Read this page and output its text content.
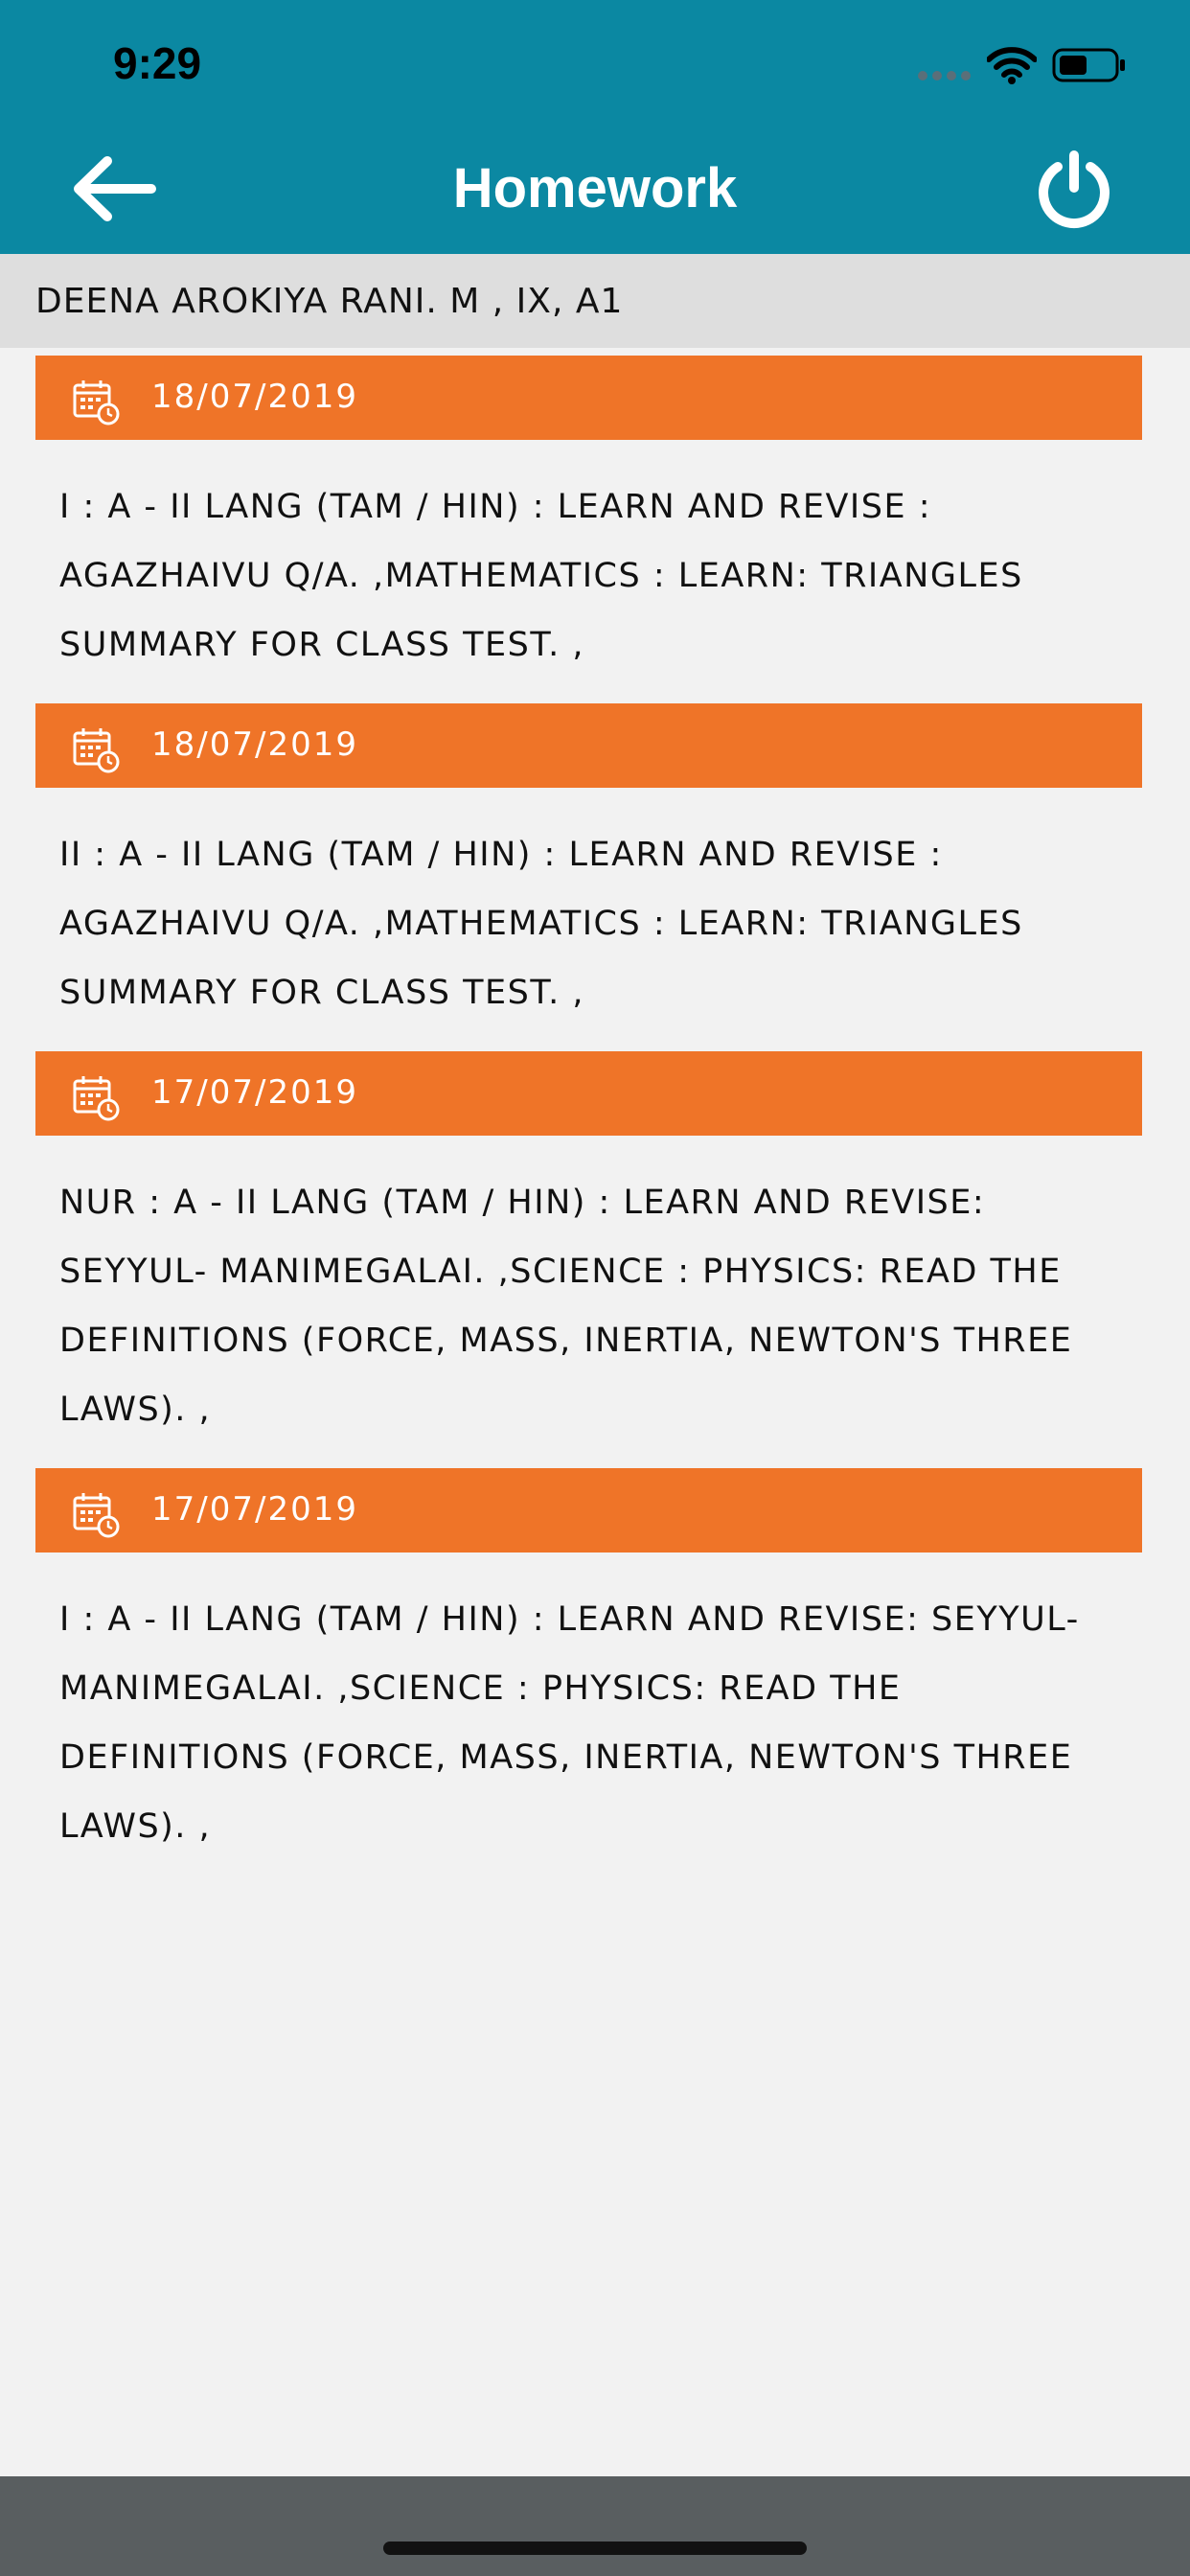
9:29
Homework
DEENA AROKIYA RANI. M , IX, A1
18/07/2019
I : A - II LANG (TAM / HIN) : LEARN AND REVISE : AGAZHAIVU Q/A. ,MATHEMATICS : LEARN: TRIANGLES SUMMARY FOR CLASS TEST. ,
18/07/2019
II : A - II LANG (TAM / HIN) : LEARN AND REVISE : AGAZHAIVU Q/A. ,MATHEMATICS : LEARN: TRIANGLES SUMMARY FOR CLASS TEST. ,
17/07/2019
NUR : A - II LANG (TAM / HIN) : LEARN AND REVISE: SEYYUL- MANIMEGALAI. ,SCIENCE : PHYSICS: READ THE DEFINITIONS (FORCE, MASS, INERTIA, NEWTON'S THREE LAWS). ,
17/07/2019
I : A - II LANG (TAM / HIN) : LEARN AND REVISE: SEYYUL- MANIMEGALAI. ,SCIENCE : PHYSICS: READ THE DEFINITIONS (FORCE, MASS, INERTIA, NEWTON'S THREE LAWS). ,
